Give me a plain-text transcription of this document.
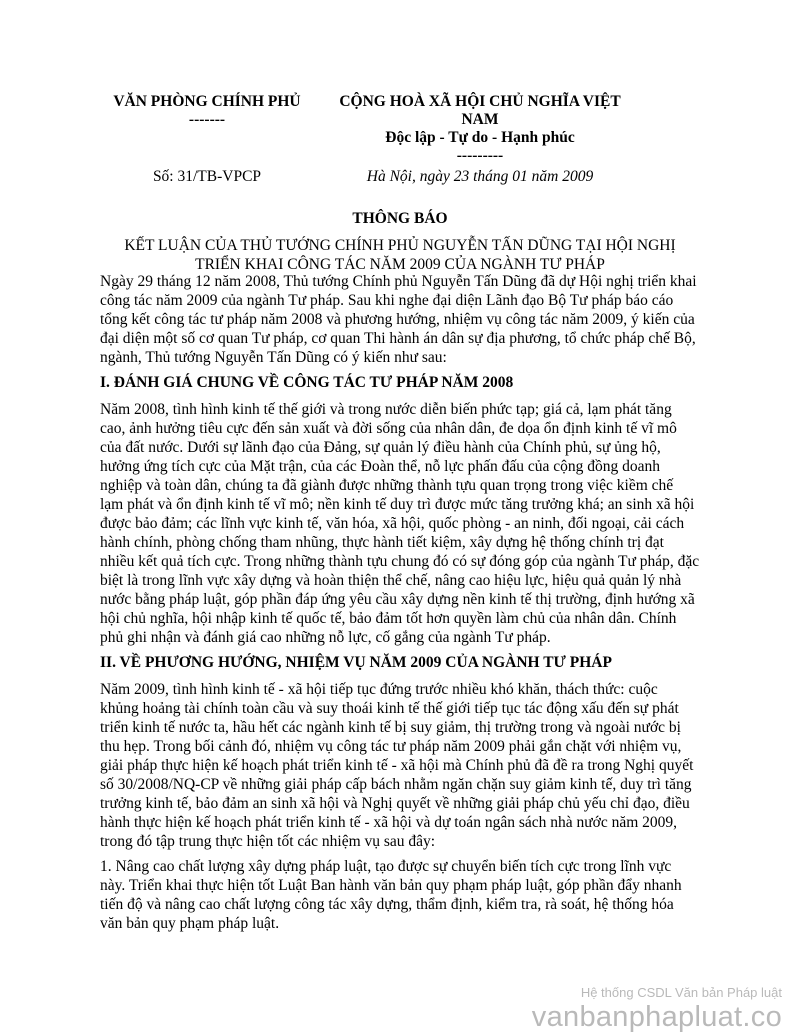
VĂN PHÒNG CHÍNH PHỦ
-------
CỘNG HOÀ XÃ HỘI CHỦ NGHĨA VIỆT
NAM
Độc lập - Tự do - Hạnh phúc
---------
Số: 31/TB-VPCP	Hà Nội, ngày 23 tháng 01 năm 2009
THÔNG BÁO
KẾT LUẬN CỦA THỦ TƯỚNG CHÍNH PHỦ NGUYỄN TẤN DŨNG TẠI HỘI NGHỊ TRIỂN KHAI CÔNG TÁC NĂM 2009 CỦA NGÀNH TƯ PHÁP

Ngày 29 tháng 12 năm 2008, Thủ tướng Chính phủ Nguyễn Tấn Dũng đã dự Hội nghị triển khai công tác năm 2009 của ngành Tư pháp. Sau khi nghe đại diện Lãnh đạo Bộ Tư pháp báo cáo tổng kết công tác tư pháp năm 2008 và phương hướng, nhiệm vụ công tác năm 2009, ý kiến của đại diện một số cơ quan Tư pháp, cơ quan Thi hành án dân sự địa phương, tổ chức pháp chế Bộ, ngành, Thủ tướng Nguyễn Tấn Dũng có ý kiến như sau:

I. ĐÁNH GIÁ CHUNG VỀ CÔNG TÁC TƯ PHÁP NĂM 2008

Năm 2008, tình hình kinh tế thế giới và trong nước diễn biến phức tạp; giá cả, lạm phát tăng cao, ảnh hưởng tiêu cực đến sản xuất và đời sống của nhân dân, đe dọa ổn định kinh tế vĩ mô của đất nước. Dưới sự lãnh đạo của Đảng, sự quản lý điều hành của Chính phủ, sự ủng hộ, hưởng ứng tích cực của Mặt trận, của các Đoàn thể, nỗ lực phấn đấu của cộng đồng doanh nghiệp và toàn dân, chúng ta đã giành được những thành tựu quan trọng trong việc kiềm chế lạm phát và ổn định kinh tế vĩ mô; nền kinh tế duy trì được mức tăng trưởng khá; an sinh xã hội được bảo đảm; các lĩnh vực kinh tế, văn hóa, xã hội, quốc phòng - an ninh, đối ngoại, cải cách hành chính, phòng chống tham nhũng, thực hành tiết kiệm, xây dựng hệ thống chính trị đạt nhiều kết quả tích cực. Trong những thành tựu chung đó có sự đóng góp của ngành Tư pháp, đặc biệt là trong lĩnh vực xây dựng và hoàn thiện thể chế, nâng cao hiệu lực, hiệu quả quản lý nhà nước bằng pháp luật, góp phần đáp ứng yêu cầu xây dựng nền kinh tế thị trường, định hướng xã hội chủ nghĩa, hội nhập kinh tế quốc tế, bảo đảm tốt hơn quyền làm chủ của nhân dân. Chính phủ ghi nhận và đánh giá cao những nỗ lực, cố gắng của ngành Tư pháp.

II. VỀ PHƯƠNG HƯỚNG, NHIỆM VỤ NĂM 2009 CỦA NGÀNH TƯ PHÁP

Năm 2009, tình hình kinh tế - xã hội tiếp tục đứng trước nhiều khó khăn, thách thức: cuộc khủng hoảng tài chính toàn cầu và suy thoái kinh tế thế giới tiếp tục tác động xấu đến sự phát triển kinh tế nước ta, hầu hết các ngành kinh tế bị suy giảm, thị trường trong và ngoài nước bị thu hẹp. Trong bối cảnh đó, nhiệm vụ công tác tư pháp năm 2009 phải gắn chặt với nhiệm vụ, giải pháp thực hiện kế hoạch phát triển kinh tế - xã hội mà Chính phủ đã đề ra trong Nghị quyết số 30/2008/NQ-CP về những giải pháp cấp bách nhằm ngăn chặn suy giảm kinh tế, duy trì tăng trưởng kinh tế, bảo đảm an sinh xã hội và Nghị quyết về những giải pháp chủ yếu chỉ đạo, điều hành thực hiện kế hoạch phát triển kinh tế - xã hội và dự toán ngân sách nhà nước năm 2009, trong đó tập trung thực hiện tốt các nhiệm vụ sau đây:

1. Nâng cao chất lượng xây dựng pháp luật, tạo được sự chuyển biến tích cực trong lĩnh vực này. Triển khai thực hiện tốt Luật Ban hành văn bản quy phạm pháp luật, góp phần đẩy nhanh tiến độ và nâng cao chất lượng công tác xây dựng, thẩm định, kiểm tra, rà soát, hệ thống hóa văn bản quy phạm pháp luật.

Hệ thống CSDL Văn bản Pháp luật
vanbanphapluat.co
